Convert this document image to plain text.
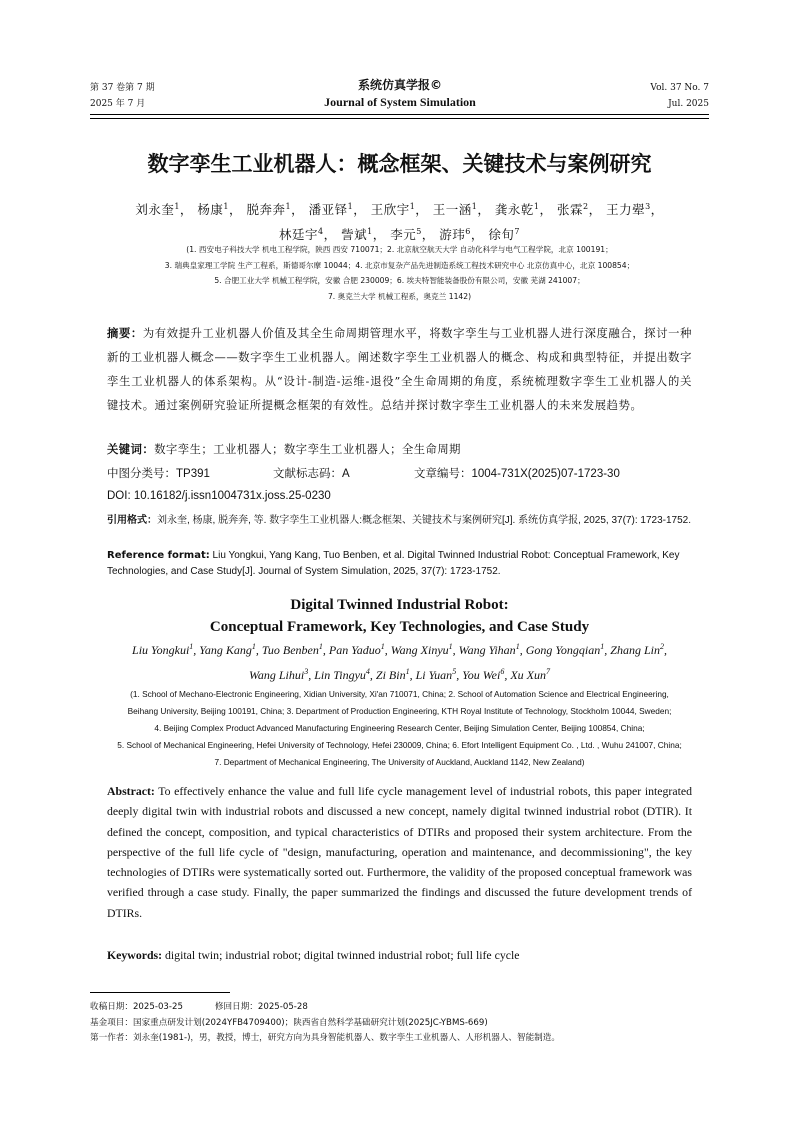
第 37 卷第 7 期
2025 年 7 月
系统仿真学报©
Journal of System Simulation
Vol. 37 No. 7
Jul. 2025
数字孪生工业机器人：概念框架、关键技术与案例研究
刘永奎$^1$， 杨康$^1$， 脱奔奔$^1$， 潘亚铎$^1$， 王欣宇$^1$， 王一涵$^1$， 龚永乾$^1$， 张霖$^2$， 王力翚$^3$，
林廷宇$^4$， 訾斌$^1$， 李元$^5$， 游玮$^6$， 徐旬$^7$
(1. 西安电子科技大学 机电工程学院，陕西 西安 710071；2. 北京航空航天大学 自动化科学与电气工程学院，北京 100191；
3. 瑞典皇家理工学院 生产工程系，斯德哥尔摩 10044；4. 北京市复杂产品先进制造系统工程技术研究中心 北京仿真中心，北京 100854；
5. 合肥工业大学 机械工程学院，安徽 合肥 230009；6. 埃夫特智能装备股份有限公司，安徽 芜湖 241007；
7. 奥克兰大学 机械工程系，奥克兰 1142)
摘要：为有效提升工业机器人价值及其全生命周期管理水平，将数字孪生与工业机器人进行深度融合，探讨一种新的工业机器人概念——数字孪生工业机器人。阐述数字孪生工业机器人的概念、构成和典型特征，并提出数字孪生工业机器人的体系架构。从“设计-制造-运维-退役”全生命周期的角度，系统梳理数字孪生工业机器人的关键技术。通过案例研究验证所提概念框架的有效性。总结并探讨数字孪生工业机器人的未来发展趋势。
关键词：数字孪生；工业机器人；数字孪生工业机器人；全生命周期
中图分类号：TP391	文献标志码：A	文章编号：1004-731X(2025)07-1723-30
DOI: 10.16182/j.issn1004731x.joss.25-0230
引用格式：刘永奎, 杨康, 脱奔奔, 等. 数字孪生工业机器人:概念框架、关键技术与案例研究[J]. 系统仿真学报, 2025, 37(7): 1723-1752.
Reference format: Liu Yongkui, Yang Kang, Tuo Benben, et al. Digital Twinned Industrial Robot: Conceptual Framework, Key Technologies, and Case Study[J]. Journal of System Simulation, 2025, 37(7): 1723-1752.
Digital Twinned Industrial Robot:
Conceptual Framework, Key Technologies, and Case Study
Liu Yongkui$^1$, Yang Kang$^1$, Tuo Benben$^1$, Pan Yaduo$^1$, Wang Xinyu$^1$, Wang Yihan$^1$, Gong Yongqian$^1$, Zhang Lin$^2$,
Wang Lihui$^3$, Lin Tingyu$^4$, Zi Bin$^1$, Li Yuan$^5$, You Wei$^6$, Xu Xun$^7$
(1. School of Mechano-Electronic Engineering, Xidian University, Xi'an 710071, China; 2. School of Automation Science and Electrical Engineering,
Beihang University, Beijing 100191, China; 3. Department of Production Engineering, KTH Royal Institute of Technology, Stockholm 10044, Sweden;
4. Beijing Complex Product Advanced Manufacturing Engineering Research Center, Beijing Simulation Center, Beijing 100854, China;
5. School of Mechanical Engineering, Hefei University of Technology, Hefei 230009, China; 6. Efort Intelligent Equipment Co. , Ltd. , Wuhu 241007, China;
7. Department of Mechanical Engineering, The University of Auckland, Auckland 1142, New Zealand)
Abstract: To effectively enhance the value and full life cycle management level of industrial robots, this paper integrated deeply digital twin with industrial robots and discussed a new concept, namely digital twinned industrial robot (DTIR). It defined the concept, composition, and typical characteristics of DTIRs and proposed their system architecture. From the perspective of the full life cycle of "design, manufacturing, operation and maintenance, and decommissioning", the key technologies of DTIRs were systematically sorted out. Furthermore, the validity of the proposed conceptual framework was verified through a case study. Finally, the paper summarized the findings and discussed the future development trends of DTIRs.
Keywords: digital twin; industrial robot; digital twinned industrial robot; full life cycle
收稿日期：2025-03-25	修回日期：2025-05-28
基金项目：国家重点研发计划(2024YFB4709400)；陕西省自然科学基础研究计划(2025JC-YBMS-669)
第一作者：刘永奎(1981-)，男，教授，博士，研究方向为具身智能机器人、数字孪生工业机器人、人形机器人、智能制造。
